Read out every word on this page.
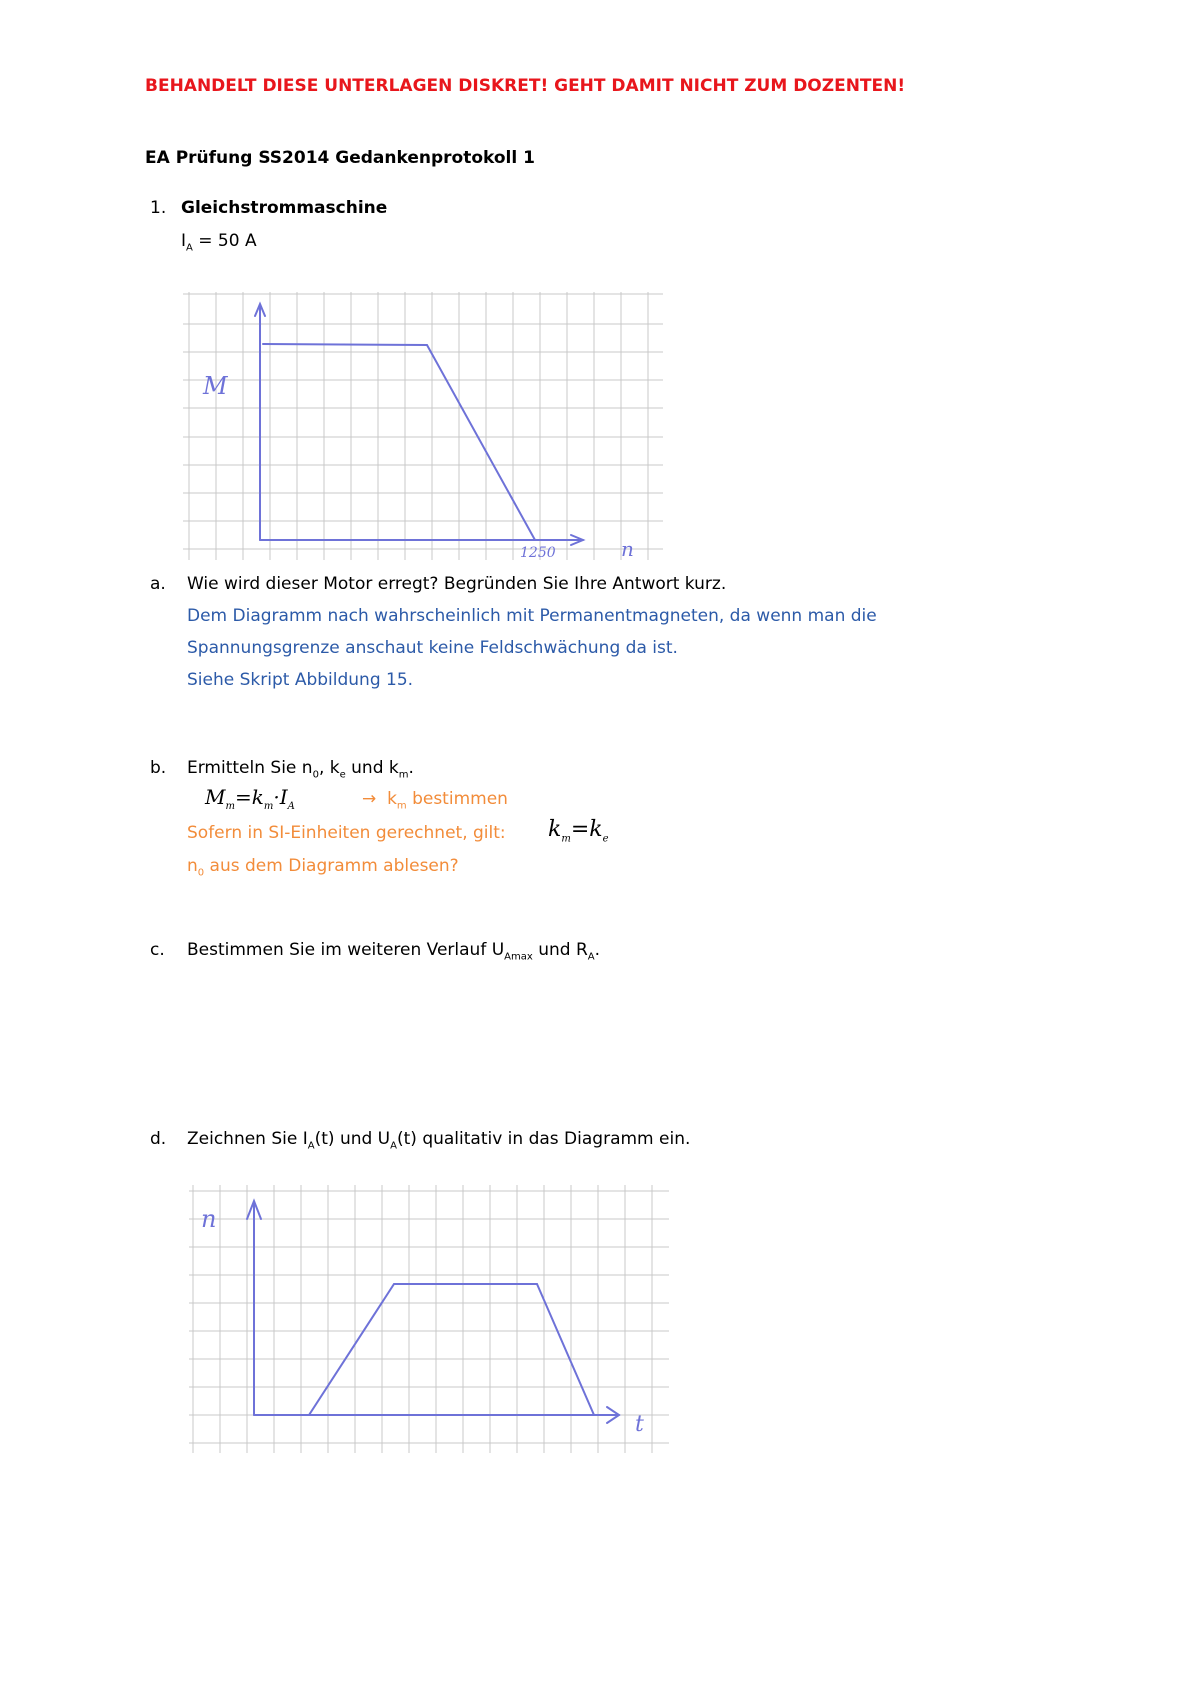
BEHANDELT DIESE UNTERLAGEN DISKRET! GEHT DAMIT NICHT ZUM DOZENTEN!
EA Prüfung SS2014 Gedankenprotokoll 1
1. Gleichstrommaschine
$I_A = 50$ A
M
n
1250
a. Wie wird dieser Motor erregt? Begründen Sie Ihre Antwort kurz.
Dem Diagramm nach wahrscheinlich mit Permanentmagneten, da wenn man die
Spannungsgrenze anschaut keine Feldschwächung da ist.
Siehe Skript Abbildung 15.
b. Ermitteln Sie $n_0$, $k_e$ und $k_m$.
$M_m=k_m\cdot I_A$	→ $k_m$ bestimmen
Sofern in SI-Einheiten gerechnet, gilt: $k_m=k_e$
$n_0$ aus dem Diagramm ablesen?
c. Bestimmen Sie im weiteren Verlauf $U_{Amax}$ und $R_A$.
d. Zeichnen Sie $I_A(t)$ und $U_A(t)$ qualitativ in das Diagramm ein.
n
t
